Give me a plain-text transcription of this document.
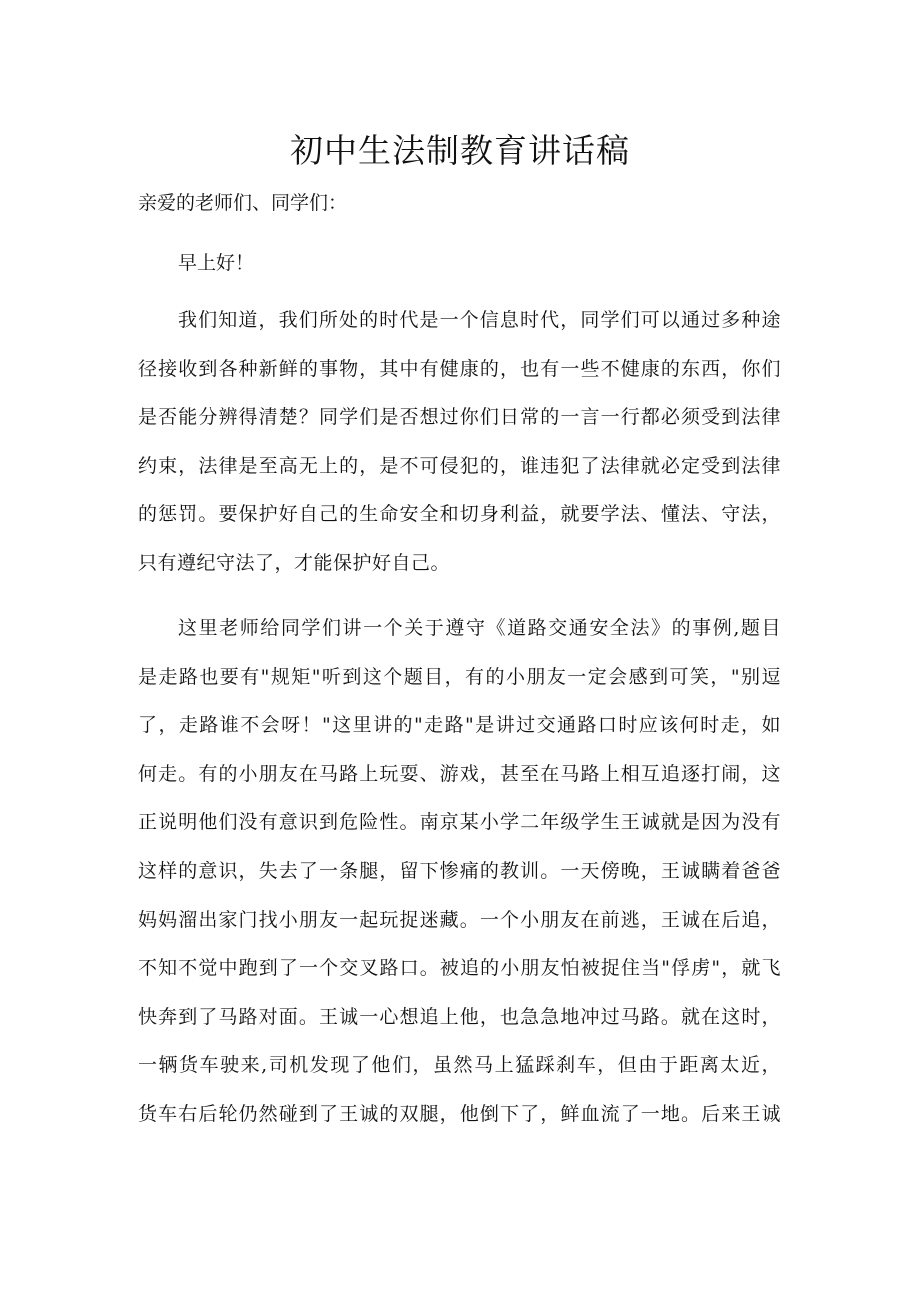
初中生法制教育讲话稿

亲爱的老师们、同学们：

早上好！

我们知道，我们所处的时代是一个信息时代，同学们可以通过多种途
径接收到各种新鲜的事物，其中有健康的，也有一些不健康的东西，你们
是否能分辨得清楚？同学们是否想过你们日常的一言一行都必须受到法律
约束，法律是至高无上的，是不可侵犯的，谁违犯了法律就必定受到法律
的惩罚。要保护好自己的生命安全和切身利益，就要学法、懂法、守法，
只有遵纪守法了，才能保护好自己。
这里老师给同学们讲一个关于遵守《道路交通安全法》的事例,题目
是走路也要有"规矩"听到这个题目，有的小朋友一定会感到可笑，"别逗
了，走路谁不会呀！"这里讲的"走路"是讲过交通路口时应该何时走，如
何走。有的小朋友在马路上玩耍、游戏，甚至在马路上相互追逐打闹，这
正说明他们没有意识到危险性。南京某小学二年级学生王诚就是因为没有
这样的意识，失去了一条腿，留下惨痛的教训。一天傍晚，王诚瞒着爸爸
妈妈溜出家门找小朋友一起玩捉迷藏。一个小朋友在前逃，王诚在后追，
不知不觉中跑到了一个交叉路口。被追的小朋友怕被捉住当"俘虏"，就飞
快奔到了马路对面。王诚一心想追上他，也急急地冲过马路。就在这时，
一辆货车驶来,司机发现了他们，虽然马上猛踩刹车，但由于距离太近，
货车右后轮仍然碰到了王诚的双腿，他倒下了，鲜血流了一地。后来王诚
